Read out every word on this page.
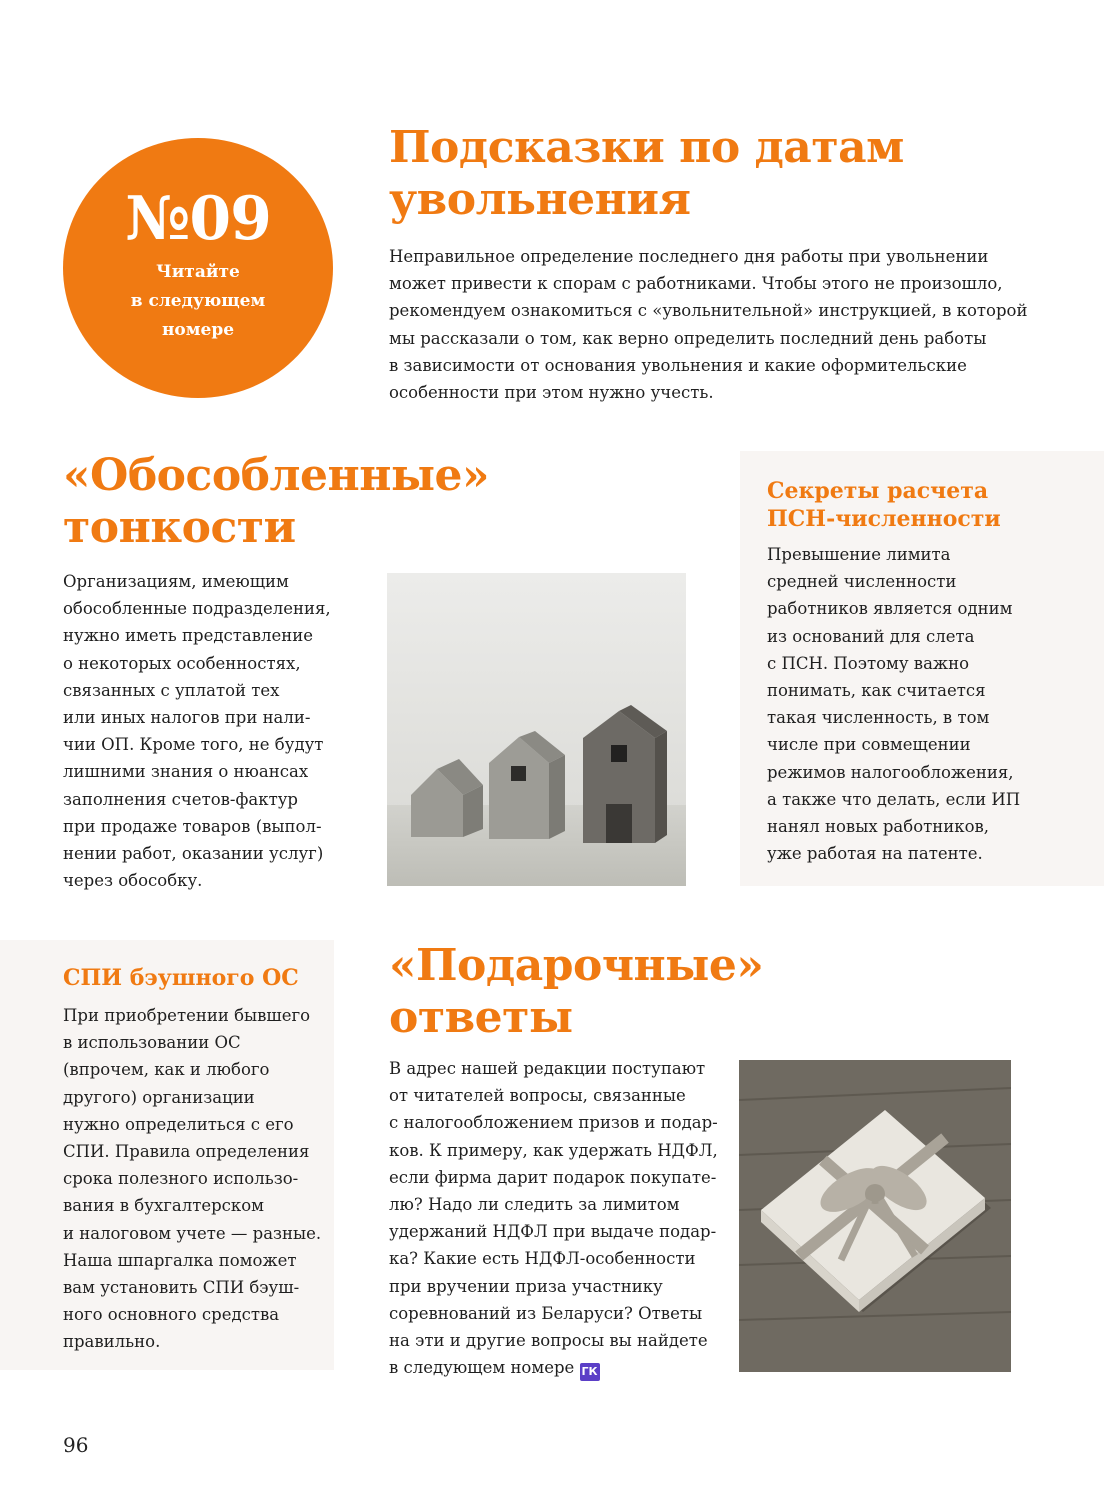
№09
Читайте
в следующем
номере
Подсказки по датам
увольнения
Неправильное определение последнего дня работы при увольнении
может привести к спорам с работниками. Чтобы этого не произошло,
рекомендуем ознакомиться с «увольнительной» инструкцией, в которой
мы рассказали о том, как верно определить последний день работы
в зависимости от основания увольнения и какие оформительские
особенности при этом нужно учесть.
«Обособленные»
тонкости
Организациям, имеющим
обособленные подразделения,
нужно иметь представление
о некоторых особенностях,
связанных с уплатой тех
или иных налогов при нали-
чии ОП. Кроме того, не будут
лишними знания о нюансах
заполнения счетов-фактур
при продаже товаров (выпол-
нении работ, оказании услуг)
через обособку.
Секреты расчета
ПСН-численности
Превышение лимита
средней численности
работников является одним
из оснований для слета
с ПСН. Поэтому важно
понимать, как считается
такая численность, в том
числе при совмещении
режимов налогообложения,
а также что делать, если ИП
нанял новых работников,
уже работая на патенте.
СПИ бэушного ОС
При приобретении бывшего
в использовании ОС
(впрочем, как и любого
другого) организации
нужно определиться с его
СПИ. Правила определения
срока полезного использо-
вания в бухгалтерском
и налоговом учете — разные.
Наша шпаргалка поможет
вам установить СПИ бэуш-
ного основного средства
правильно.
«Подарочные»
ответы
В адрес нашей редакции поступают
от читателей вопросы, связанные
с налогообложением призов и подар-
ков. К примеру, как удержать НДФЛ,
если фирма дарит подарок покупате-
лю? Надо ли следить за лимитом
удержаний НДФЛ при выдаче подар-
ка? Какие есть НДФЛ-особенности
при вручении приза участнику
соревнований из Беларуси? Ответы
на эти и другие вопросы вы найдете
в следующем номере ГК
96
